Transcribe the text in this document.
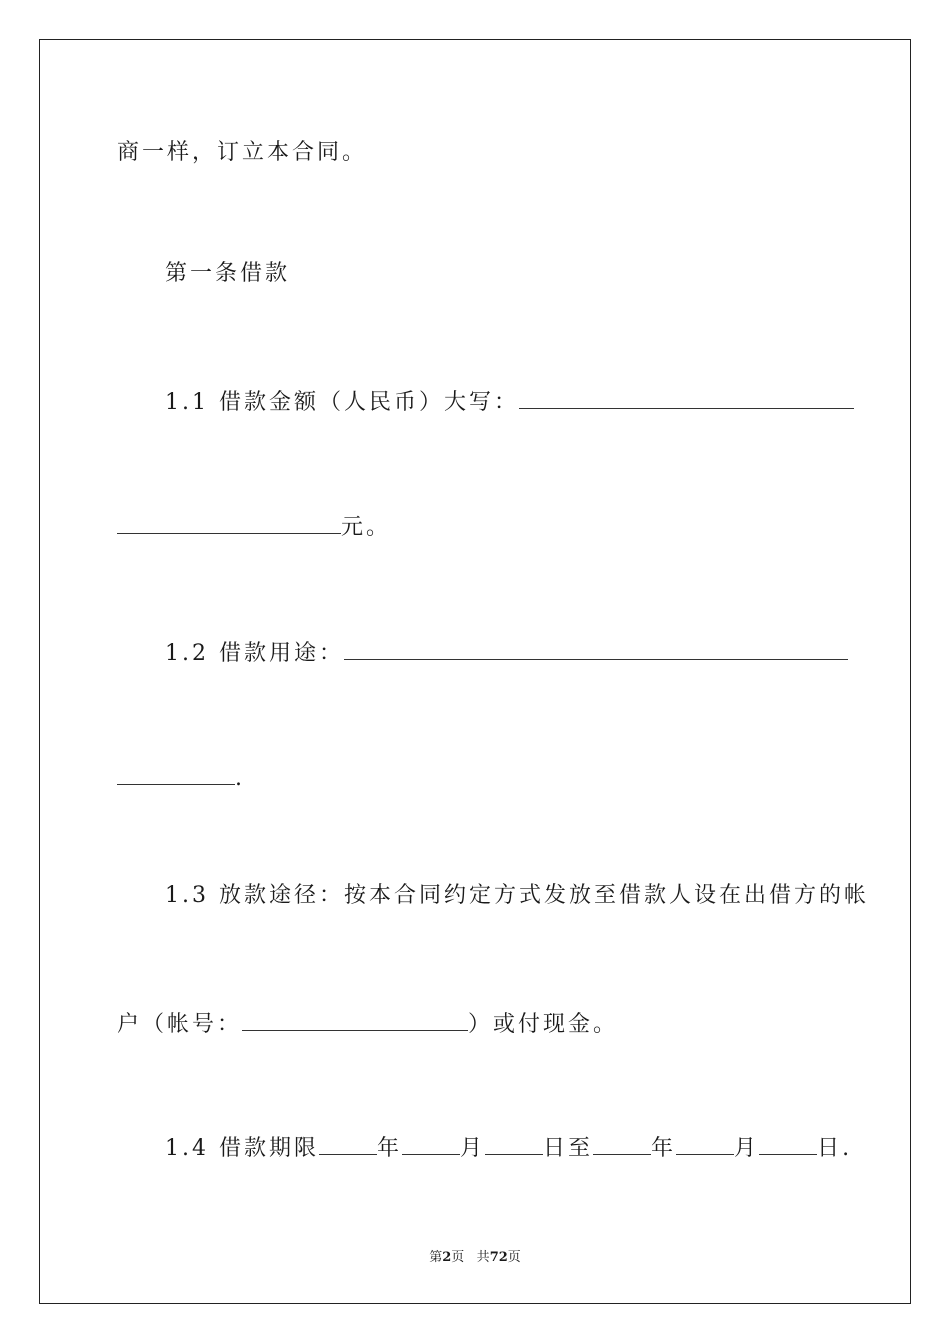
商一样，订立本合同。
第一条借款
1.1 借款金额（人民币）大写：
元。
1.2 借款用途：
.
1.3 放款途径：按本合同约定方式发放至借款人设在出借方的帐
户（帐号：	）或付现金。
1.4 借款期限	年	月	日至	年	月	日.
第2页 共72页
